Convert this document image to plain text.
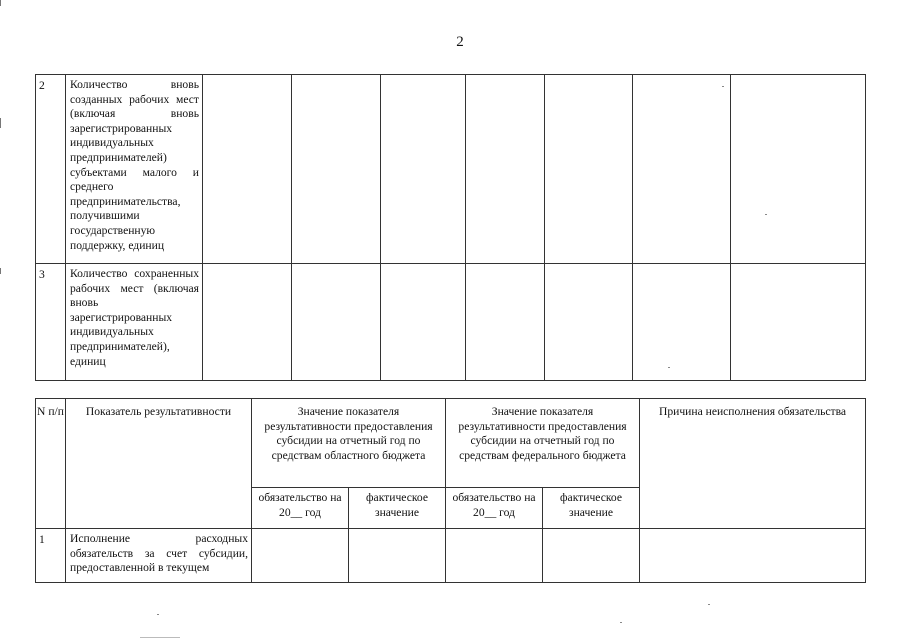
2
2	Количество вновь созданных рабочих мест (включая вновь зарегистрированных индивидуальных предпринимателей) субъектами малого и среднего предпринимательства, получившими государственную поддержку, единиц							
3	Количество сохраненных рабочих мест (включая вновь зарегистрированных индивидуальных предпринимателей), единиц							
N п/п	Показатель результативности	Значение показателя результативности предоставления субсидии на отчетный год по средствам областного бюджета		Значение показателя результативности предоставления субсидии на отчетный год по средствам федерального бюджета		Причина неисполнения обязательства
		обязательство на 20__ год	фактическое значение	обязательство на 20__ год	фактическое значение	
1	Исполнение расходных обязательств за счет субсидии, предоставленной в текущем					
